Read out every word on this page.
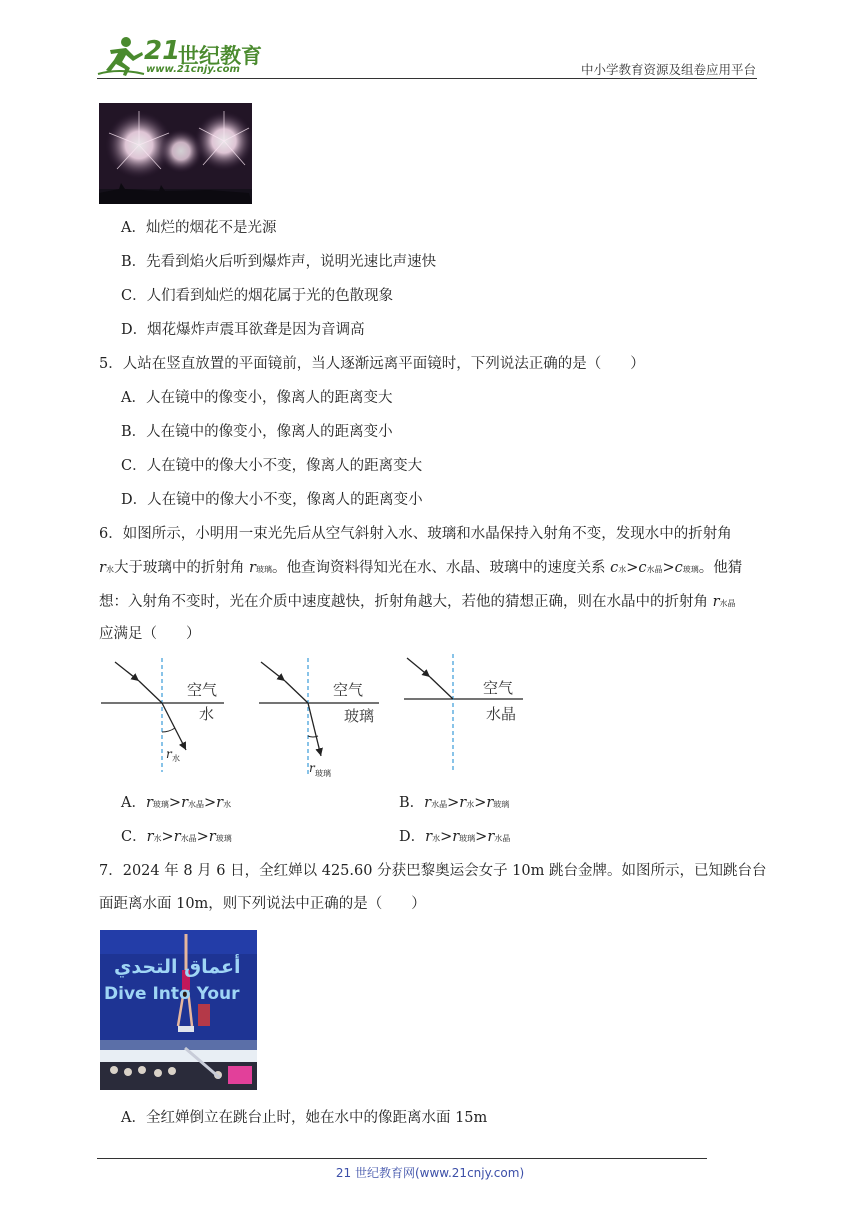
21
世纪教育
www.21cnjy.com	中小学教育资源及组卷应用平台
A．灿烂的烟花不是光源
B．先看到焰火后听到爆炸声，说明光速比声速快
C．人们看到灿烂的烟花属于光的色散现象
D．烟花爆炸声震耳欲聋是因为音调高
5．人站在竖直放置的平面镜前，当人逐渐远离平面镜时，下列说法正确的是（　　）
A．人在镜中的像变小，像离人的距离变大
B．人在镜中的像变小，像离人的距离变小
C．人在镜中的像大小不变，像离人的距离变大
D．人在镜中的像大小不变，像离人的距离变小
6．如图所示，小明用一束光先后从空气斜射入水、玻璃和水晶保持入射角不变，发现水中的折射角
r水大于玻璃中的折射角 r玻璃。他查询资料得知光在水、水晶、玻璃中的速度关系 c水>c水晶>c玻璃。他猜
想：入射角不变时，光在介质中速度越快，折射角越大，若他的猜想正确，则在水晶中的折射角 r水晶
应满足（　　）
空气
水
r 水
空气
玻璃
r 玻璃
空气
水晶
A．r玻璃>r水晶>r水	B．r水晶>r水>r玻璃
C．r水>r水晶>r玻璃	D．r水>r玻璃>r水晶
7．2024 年 8 月 6 日，全红婵以 425.60 分获巴黎奥运会女子 10m 跳台金牌。如图所示，已知跳台台
面距离水面 10m，则下列说法中正确的是（　　）
أعماق التحدي
Dive Into Your
A．全红婵倒立在跳台止时，她在水中的像距离水面 15m
21 世纪教育网(www.21cnjy.com)
